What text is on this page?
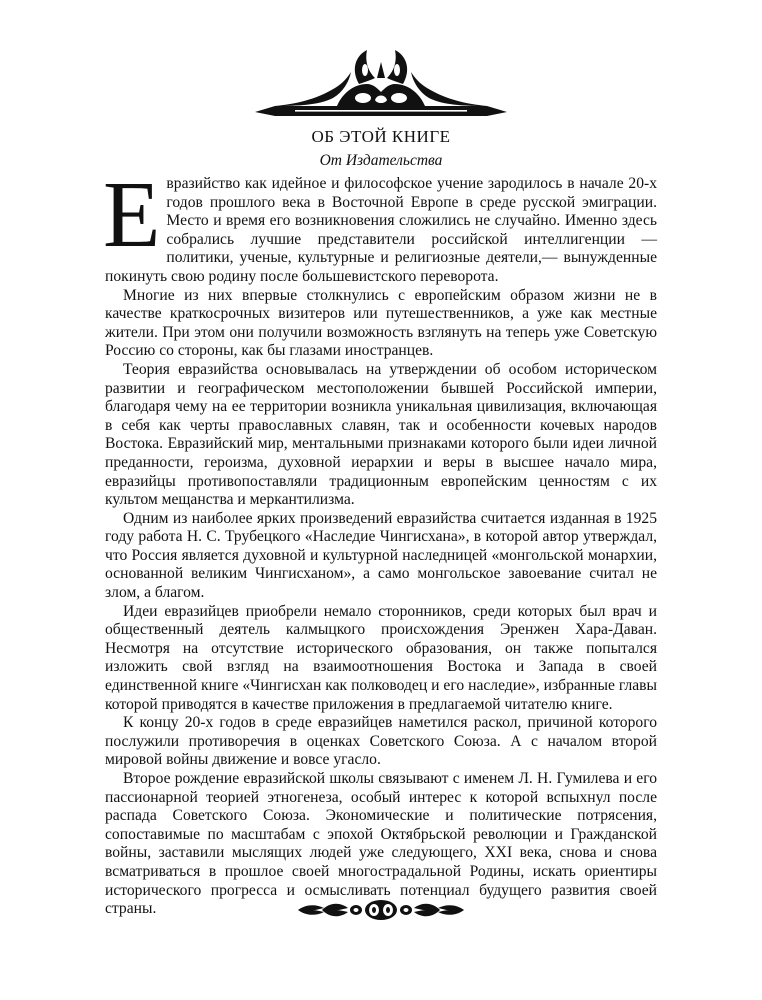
ОБ ЭТОЙ КНИГЕ
От Издательства

Евразийство как идейное и философское учение зародилось в начале 20-х годов прошлого века в Восточной Европе в среде русской эмиграции. Место и время его возникновения сложились не случайно. Именно здесь собрались лучшие представители российской интеллигенции — политики, ученые, культурные и религиозные деятели,— вынужденные покинуть свою родину после большевистского переворота.

Многие из них впервые столкнулись с европейским образом жизни не в качестве краткосрочных визитеров или путешественников, а уже как местные жители. При этом они получили возможность взглянуть на теперь уже Советскую Россию со стороны, как бы глазами иностранцев.

Теория евразийства основывалась на утверждении об особом историческом развитии и географическом местоположении бывшей Российской империи, благодаря чему на ее территории возникла уникальная цивилизация, включающая в себя как черты православных славян, так и особенности кочевых народов Востока. Евразийский мир, ментальными признаками которого были идеи личной преданности, героизма, духовной иерархии и веры в высшее начало мира, евразийцы противопоставляли традиционным европейским ценностям с их культом мещанства и меркантилизма.

Одним из наиболее ярких произведений евразийства считается изданная в 1925 году работа Н. С. Трубецкого «Наследие Чингисхана», в которой автор утверждал, что Россия является духовной и культурной наследницей «монгольской монархии, основанной великим Чингисханом», а само монгольское завоевание считал не злом, а благом.

Идеи евразийцев приобрели немало сторонников, среди которых был врач и общественный деятель калмыцкого происхождения Эренжен Хара-Даван. Несмотря на отсутствие исторического образования, он также попытался изложить свой взгляд на взаимоотношения Востока и Запада в своей единственной книге «Чингисхан как полководец и его наследие», избранные главы которой приводятся в качестве приложения в предлагаемой читателю книге.

К концу 20-х годов в среде евразийцев наметился раскол, причиной которого послужили противоречия в оценках Советского Союза. А с началом второй мировой войны движение и вовсе угасло.

Второе рождение евразийской школы связывают с именем Л. Н. Гумилева и его пассионарной теорией этногенеза, особый интерес к которой вспыхнул после распада Советского Союза. Экономические и политические потрясения, сопоставимые по масштабам с эпохой Октябрьской революции и Гражданской войны, заставили мыслящих людей уже следующего, XXI века, снова и снова всматриваться в прошлое своей многострадальной Родины, искать ориентиры исторического прогресса и осмысливать потенциал будущего развития своей страны.
